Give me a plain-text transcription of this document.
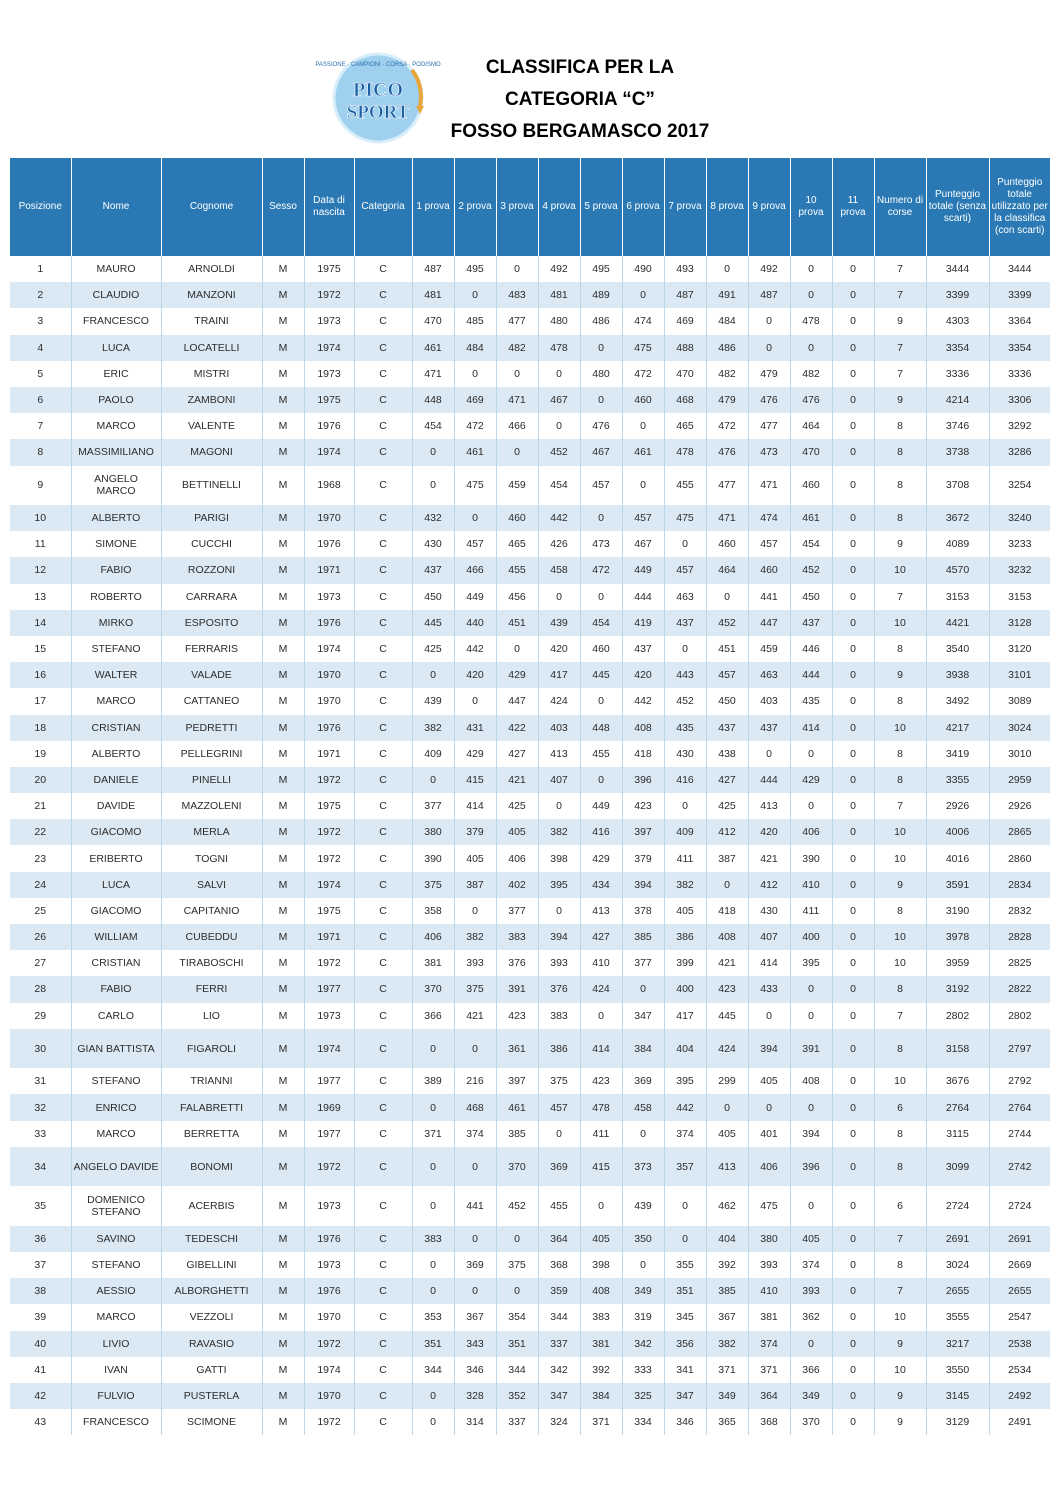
PASSIONE · CAMPIONI · CORSA · PODISMO
PICO
SPORT
CLASSIFICA PER LA
CATEGORIA “C”
FOSSO BERGAMASCO 2017
Posizione	Nome	Cognome	Sesso	Data di nascita	Categoria	1 prova	2 prova	3 prova	4 prova	5 prova	6 prova	7 prova	8 prova	9 prova	10 prova	11 prova	Numero di corse	Punteggio totale (senza scarti)	Punteggio totale utilizzato per la classifica (con scarti)
1	MAURO	ARNOLDI	M	1975	C	487	495	0	492	495	490	493	0	492	0	0	7	3444	3444
2	CLAUDIO	MANZONI	M	1972	C	481	0	483	481	489	0	487	491	487	0	0	7	3399	3399
3	FRANCESCO	TRAINI	M	1973	C	470	485	477	480	486	474	469	484	0	478	0	9	4303	3364
4	LUCA	LOCATELLI	M	1974	C	461	484	482	478	0	475	488	486	0	0	0	7	3354	3354
5	ERIC	MISTRI	M	1973	C	471	0	0	0	480	472	470	482	479	482	0	7	3336	3336
6	PAOLO	ZAMBONI	M	1975	C	448	469	471	467	0	460	468	479	476	476	0	9	4214	3306
7	MARCO	VALENTE	M	1976	C	454	472	466	0	476	0	465	472	477	464	0	8	3746	3292
8	MASSIMILIANO	MAGONI	M	1974	C	0	461	0	452	467	461	478	476	473	470	0	8	3738	3286
9	ANGELO MARCO	BETTINELLI	M	1968	C	0	475	459	454	457	0	455	477	471	460	0	8	3708	3254
10	ALBERTO	PARIGI	M	1970	C	432	0	460	442	0	457	475	471	474	461	0	8	3672	3240
11	SIMONE	CUCCHI	M	1976	C	430	457	465	426	473	467	0	460	457	454	0	9	4089	3233
12	FABIO	ROZZONI	M	1971	C	437	466	455	458	472	449	457	464	460	452	0	10	4570	3232
13	ROBERTO	CARRARA	M	1973	C	450	449	456	0	0	444	463	0	441	450	0	7	3153	3153
14	MIRKO	ESPOSITO	M	1976	C	445	440	451	439	454	419	437	452	447	437	0	10	4421	3128
15	STEFANO	FERRARIS	M	1974	C	425	442	0	420	460	437	0	451	459	446	0	8	3540	3120
16	WALTER	VALADE	M	1970	C	0	420	429	417	445	420	443	457	463	444	0	9	3938	3101
17	MARCO	CATTANEO	M	1970	C	439	0	447	424	0	442	452	450	403	435	0	8	3492	3089
18	CRISTIAN	PEDRETTI	M	1976	C	382	431	422	403	448	408	435	437	437	414	0	10	4217	3024
19	ALBERTO	PELLEGRINI	M	1971	C	409	429	427	413	455	418	430	438	0	0	0	8	3419	3010
20	DANIELE	PINELLI	M	1972	C	0	415	421	407	0	396	416	427	444	429	0	8	3355	2959
21	DAVIDE	MAZZOLENI	M	1975	C	377	414	425	0	449	423	0	425	413	0	0	7	2926	2926
22	GIACOMO	MERLA	M	1972	C	380	379	405	382	416	397	409	412	420	406	0	10	4006	2865
23	ERIBERTO	TOGNI	M	1972	C	390	405	406	398	429	379	411	387	421	390	0	10	4016	2860
24	LUCA	SALVI	M	1974	C	375	387	402	395	434	394	382	0	412	410	0	9	3591	2834
25	GIACOMO	CAPITANIO	M	1975	C	358	0	377	0	413	378	405	418	430	411	0	8	3190	2832
26	WILLIAM	CUBEDDU	M	1971	C	406	382	383	394	427	385	386	408	407	400	0	10	3978	2828
27	CRISTIAN	TIRABOSCHI	M	1972	C	381	393	376	393	410	377	399	421	414	395	0	10	3959	2825
28	FABIO	FERRI	M	1977	C	370	375	391	376	424	0	400	423	433	0	0	8	3192	2822
29	CARLO	LIO	M	1973	C	366	421	423	383	0	347	417	445	0	0	0	7	2802	2802
30	GIAN BATTISTA	FIGAROLI	M	1974	C	0	0	361	386	414	384	404	424	394	391	0	8	3158	2797
31	STEFANO	TRIANNI	M	1977	C	389	216	397	375	423	369	395	299	405	408	0	10	3676	2792
32	ENRICO	FALABRETTI	M	1969	C	0	468	461	457	478	458	442	0	0	0	0	6	2764	2764
33	MARCO	BERRETTA	M	1977	C	371	374	385	0	411	0	374	405	401	394	0	8	3115	2744
34	ANGELO DAVIDE	BONOMI	M	1972	C	0	0	370	369	415	373	357	413	406	396	0	8	3099	2742
35	DOMENICO STEFANO	ACERBIS	M	1973	C	0	441	452	455	0	439	0	462	475	0	0	6	2724	2724
36	SAVINO	TEDESCHI	M	1976	C	383	0	0	364	405	350	0	404	380	405	0	7	2691	2691
37	STEFANO	GIBELLINI	M	1973	C	0	369	375	368	398	0	355	392	393	374	0	8	3024	2669
38	AESSIO	ALBORGHETTI	M	1976	C	0	0	0	359	408	349	351	385	410	393	0	7	2655	2655
39	MARCO	VEZZOLI	M	1970	C	353	367	354	344	383	319	345	367	381	362	0	10	3555	2547
40	LIVIO	RAVASIO	M	1972	C	351	343	351	337	381	342	356	382	374	0	0	9	3217	2538
41	IVAN	GATTI	M	1974	C	344	346	344	342	392	333	341	371	371	366	0	10	3550	2534
42	FULVIO	PUSTERLA	M	1970	C	0	328	352	347	384	325	347	349	364	349	0	9	3145	2492
43	FRANCESCO	SCIMONE	M	1972	C	0	314	337	324	371	334	346	365	368	370	0	9	3129	2491
